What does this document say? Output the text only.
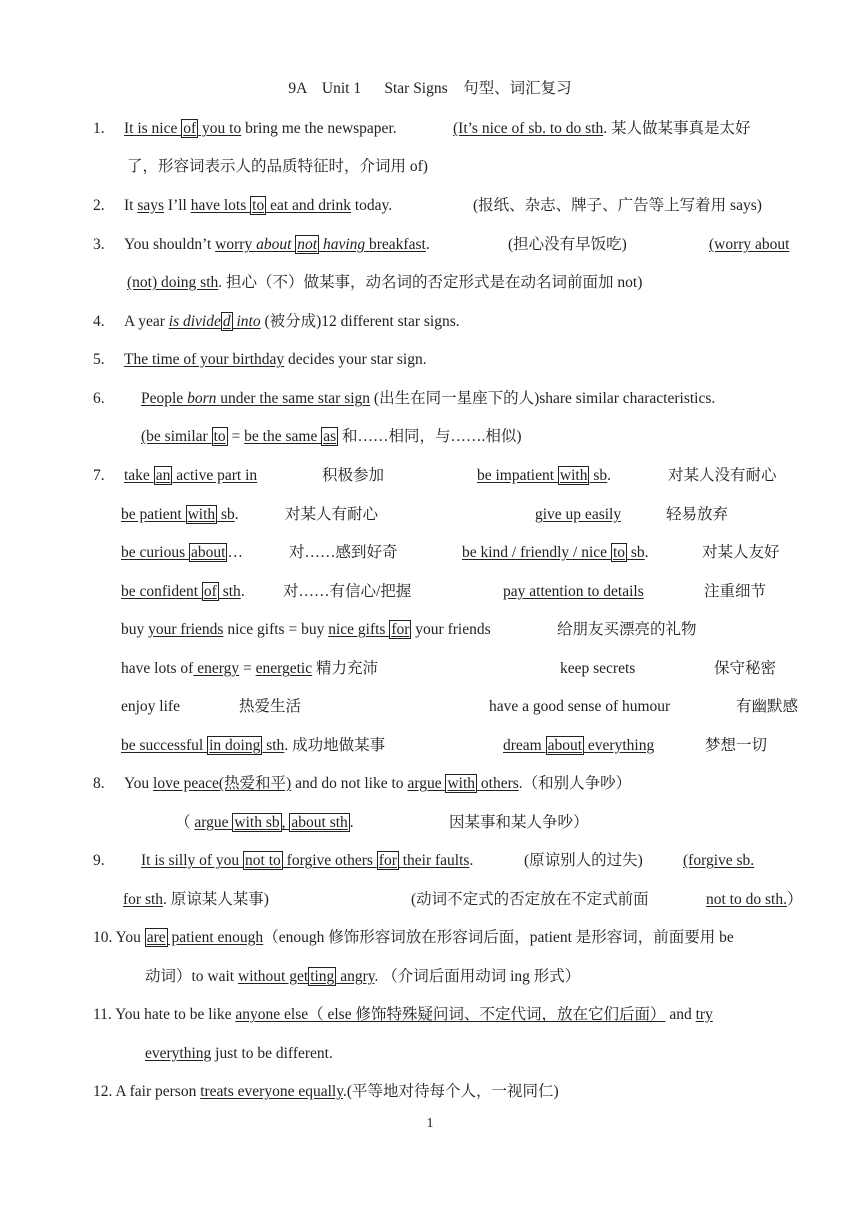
9A    Unit 1      Star Signs    句型、词汇复习
1. It is nice of you to bring me the newspaper.	(It’s nice of sb. to do sth. 某人做某事真是太好
了，形容词表示人的品质特征时，介词用 of)
2. It says I’ll have lots to eat and drink today.	(报纸、杂志、牌子、广告等上写着用 says)
3. You shouldn’t worry about not having breakfast.	(担心没有早饭吃)	(worry about
(not) doing sth. 担心（不）做某事，动名词的否定形式是在动名词前面加 not)
4. A year is divide d into (被分成)12 different star signs.
5. The time of your birthday decides your star sign.
6. People born under the same star sign (出生在同一星座下的人)share similar characteristics.
(be similar to = be the same as 和……相同，与…….相似)
7. take an active part in	积极参加	be impatient with sb.	对某人没有耐心
be patient with sb.	对某人有耐心	give up easily	轻易放弃
be curious about …	对……感到好奇	be kind / friendly / nice to sb.	对某人友好
be confident of sth. 对……有信心/把握	pay attention to details	注重细节
buy your friends nice gifts = buy nice gifts for your friends	给朋友买漂亮的礼物
have lots of energy = energetic 精力充沛	keep secrets	保守秘密
enjoy life	热爱生活	have a good sense of humour	有幽默感
be successful in doing sth. 成功地做某事	dream about everything	梦想一切
8. You love peace(热爱和平) and do not like to argue with others.（和别人争吵）
（ argue with sb , about sth .	因某事和某人争吵）
9. It is silly of you not to forgive others for their faults.	(原谅别人的过失)	(forgive sb.
for sth. 原谅某人某事)	(动词不定式的否定放在不定式前面	not to do sth.）
10. You are patient enough（enough 修饰形容词放在形容词后面，patient 是形容词，前面要用 be
动词）to wait without get ting angry. （介词后面用动词 ing 形式）
11. You hate to be like anyone else（ else 修饰特殊疑问词、不定代词，放在它们后面） and try
everything just to be different.
12. A fair person treats everyone equally.(平等地对待每个人，一视同仁)
1
